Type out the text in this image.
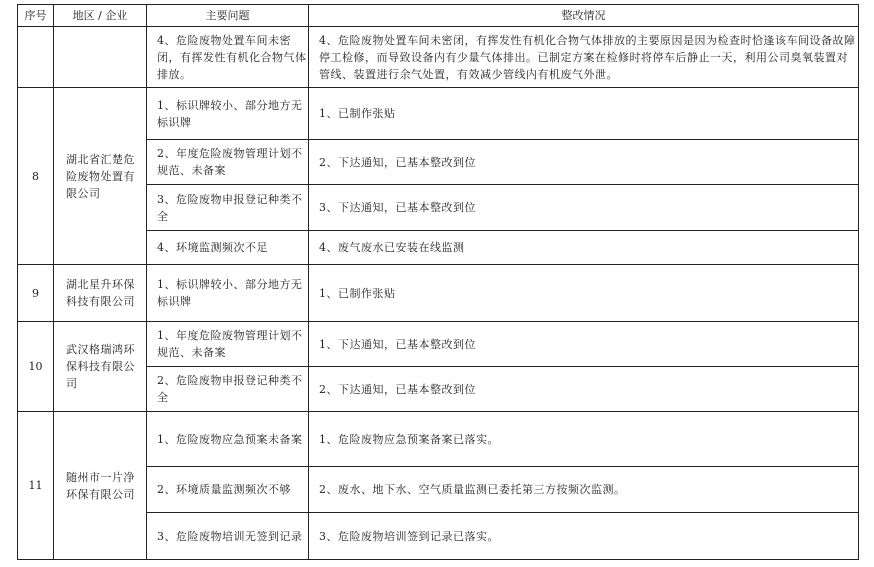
序号	地区 / 企业	主要问题	整改情况
		4、危险废物处置车间未密闭，有挥发性有机化合物气体排放。	4、危险废物处置车间未密闭，有挥发性有机化合物气体排放的主要原因是因为检查时恰逢该车间设备故障停工检修，而导致设备内有少量气体排出。已制定方案在检修时将停车后静止一天，利用公司臭氧装置对管线、装置进行余气处置，有效减少管线内有机废气外泄。
8	湖北省汇楚危险废物处置有限公司	1、标识牌较小、部分地方无标识牌	1、已制作张贴
		2、年度危险废物管理计划不规范、未备案	2、下达通知，已基本整改到位
		3、危险废物申报登记种类不全	3、下达通知，已基本整改到位
		4、环境监测频次不足	4、废气废水已安装在线监测
9	湖北星升环保科技有限公司	1、标识牌较小、部分地方无标识牌	1、已制作张贴
10	武汉格瑞鸿环保科技有限公司	1、年度危险废物管理计划不规范、未备案	1、下达通知，已基本整改到位
		2、危险废物申报登记种类不全	2、下达通知，已基本整改到位
11	随州市一片净环保有限公司	1、危险废物应急预案未备案	1、危险废物应急预案备案已落实。
		2、环境质量监测频次不够	2、废水、地下水、空气质量监测已委托第三方按频次监测。
		3、危险废物培训无签到记录	3、危险废物培训签到记录已落实。
